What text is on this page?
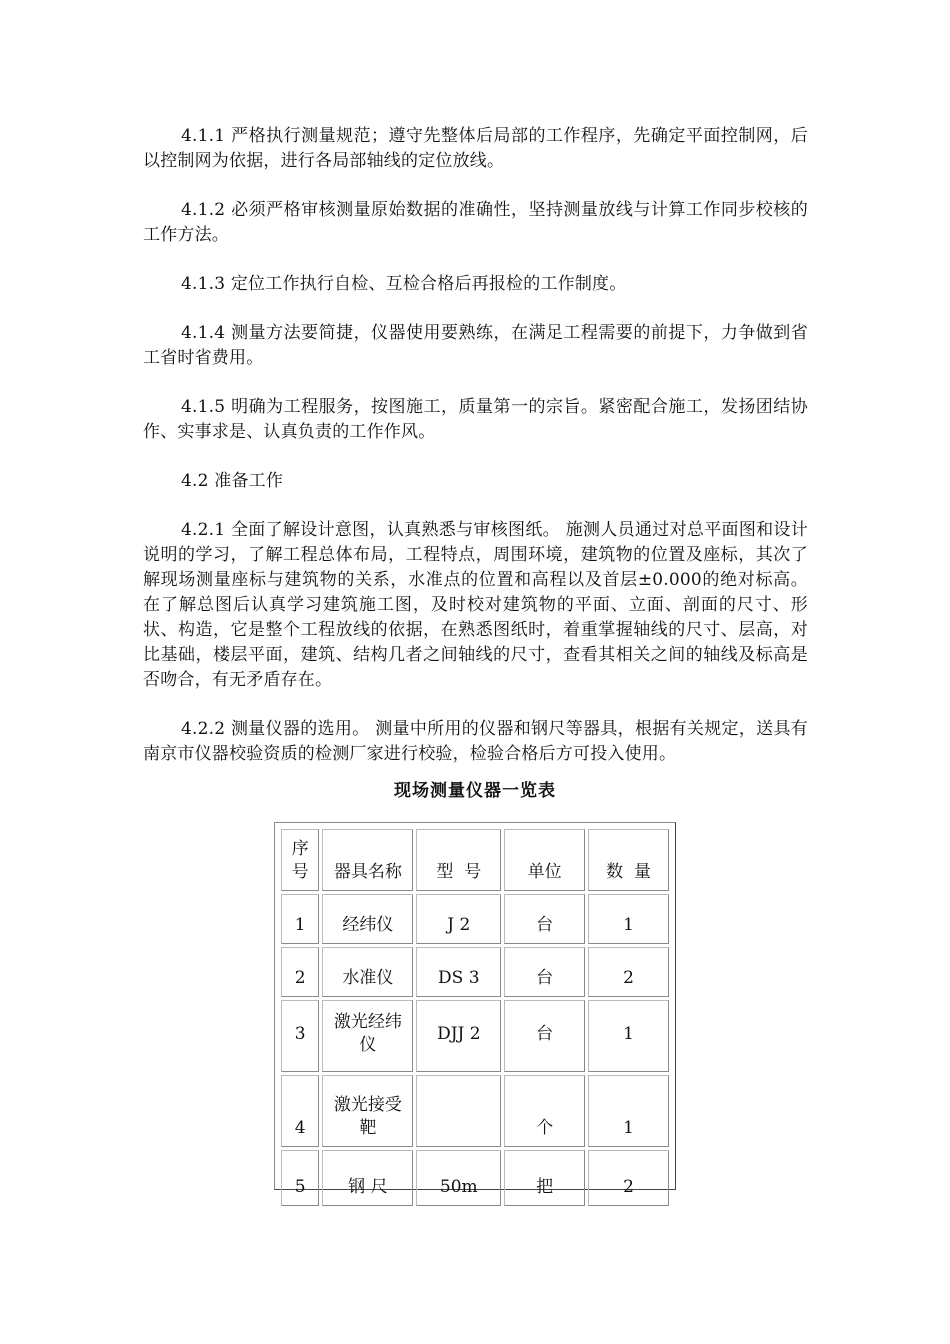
4.1.1 严格执行测量规范；遵守先整体后局部的工作程序，先确定平面控制网，后以控制网为依据，进行各局部轴线的定位放线。

4.1.2 必须严格审核测量原始数据的准确性，坚持测量放线与计算工作同步校核的工作方法。

4.1.3 定位工作执行自检、互检合格后再报检的工作制度。

4.1.4 测量方法要简捷，仪器使用要熟练，在满足工程需要的前提下，力争做到省工省时省费用。

4.1.5 明确为工程服务，按图施工，质量第一的宗旨。紧密配合施工，发扬团结协作、实事求是、认真负责的工作作风。

4.2 准备工作

4.2.1 全面了解设计意图，认真熟悉与审核图纸。 施测人员通过对总平面图和设计说明的学习，了解工程总体布局，工程特点，周围环境，建筑物的位置及座标，其次了解现场测量座标与建筑物的关系，水准点的位置和高程以及首层±0.000的绝对标高。在了解总图后认真学习建筑施工图，及时校对建筑物的平面、立面、剖面的尺寸、形状、构造，它是整个工程放线的依据，在熟悉图纸时，着重掌握轴线的尺寸、层高，对比基础，楼层平面，建筑、结构几者之间轴线的尺寸，查看其相关之间的轴线及标高是否吻合，有无矛盾存在。

4.2.2 测量仪器的选用。 测量中所用的仪器和钢尺等器具，根据有关规定，送具有南京市仪器校验资质的检测厂家进行校验，检验合格后方可投入使用。

现场测量仪器一览表
序号	器具名称	型  号	单位	数  量
1	经纬仪	J 2	台	1
2	水准仪	DS 3	台	2
3	激光经纬仪	DJJ 2	台	1
4	激光接受靶		个	1
5	钢 尺	50m	把	2
